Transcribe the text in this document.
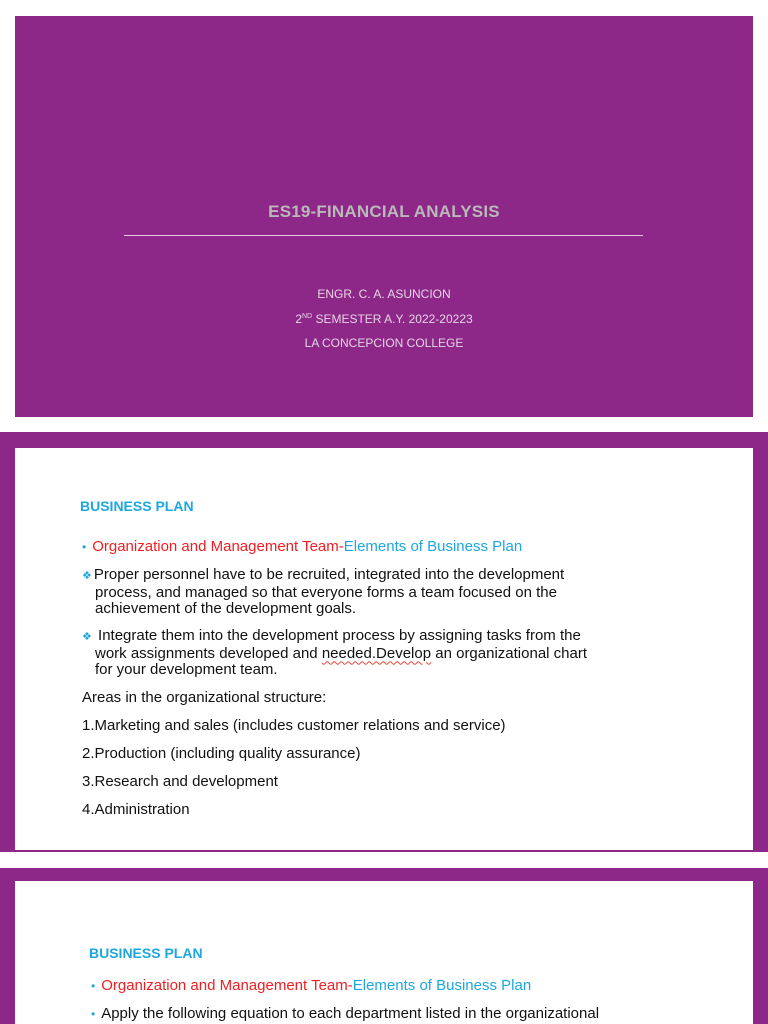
ES19-FINANCIAL ANALYSIS
ENGR. C. A. ASUNCION
2ND SEMESTER A.Y. 2022-20223
LA CONCEPCION COLLEGE
BUSINESS PLAN
• Organization and Management Team-Elements of Business Plan
❖ Proper personnel have to be recruited, integrated into the development
process, and managed so that everyone forms a team focused on the
achievement of the development goals.
❖ Integrate them into the development process by assigning tasks from the
work assignments developed and needed.Develop an organizational chart
for your development team.
Areas in the organizational structure:
1.Marketing and sales (includes customer relations and service)
2.Production (including quality assurance)
3.Research and development
4.Administration
BUSINESS PLAN
• Organization and Management Team-Elements of Business Plan
• Apply the following equation to each department listed in the organizational
